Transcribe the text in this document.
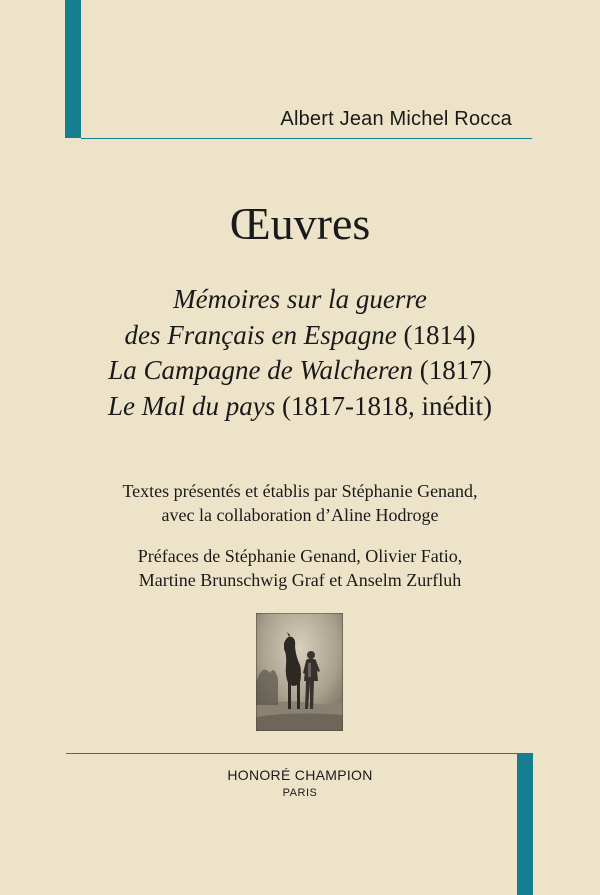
Albert Jean Michel Rocca
Œuvres
Mémoires sur la guerre
des Français en Espagne (1814)
La Campagne de Walcheren (1817)
Le Mal du pays (1817-1818, inédit)
Textes présentés et établis par Stéphanie Genand,
avec la collaboration d’Aline Hodroge
Préfaces de Stéphanie Genand, Olivier Fatio,
Martine Brunschwig Graf et Anselm Zurfluh
HONORÉ CHAMPION
PARIS
